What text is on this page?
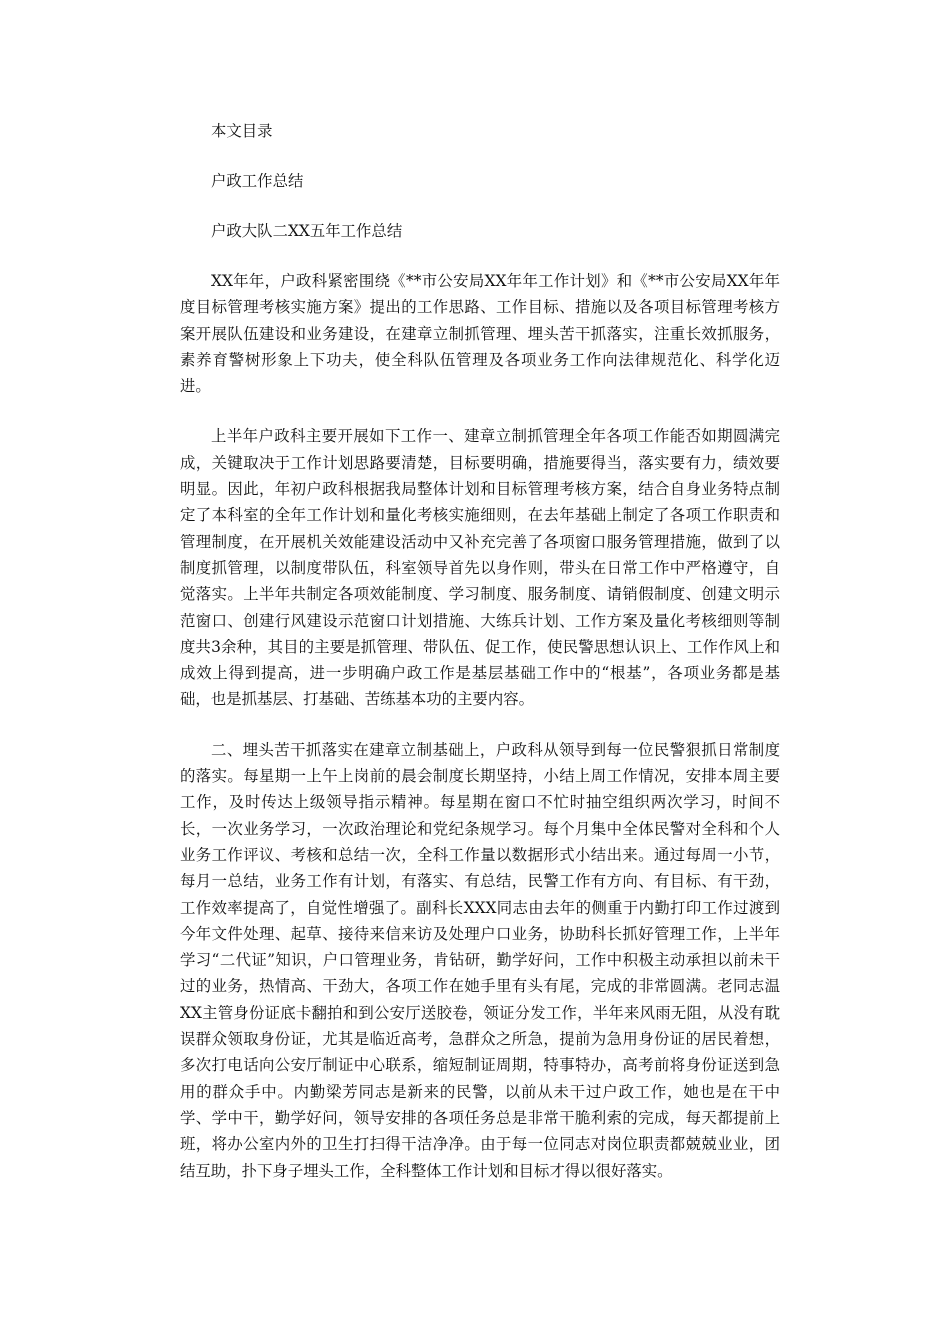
本文目录
户政工作总结
户政大队二XX五年工作总结

XX年年，户政科紧密围绕《**市公安局XX年年工作计划》和《**市公安局XX年年度目标管理考核实施方案》提出的工作思路、工作目标、措施以及各项目标管理考核方案开展队伍建设和业务建设，在建章立制抓管理、埋头苦干抓落实，注重长效抓服务，素养育警树形象上下功夫，使全科队伍管理及各项业务工作向法律规范化、科学化迈进。

上半年户政科主要开展如下工作一、建章立制抓管理全年各项工作能否如期圆满完成，关键取决于工作计划思路要清楚，目标要明确，措施要得当，落实要有力，绩效要明显。因此，年初户政科根据我局整体计划和目标管理考核方案，结合自身业务特点制定了本科室的全年工作计划和量化考核实施细则，在去年基础上制定了各项工作职责和管理制度，在开展机关效能建设活动中又补充完善了各项窗口服务管理措施，做到了以制度抓管理，以制度带队伍，科室领导首先以身作则，带头在日常工作中严格遵守，自觉落实。上半年共制定各项效能制度、学习制度、服务制度、请销假制度、创建文明示范窗口、创建行风建设示范窗口计划措施、大练兵计划、工作方案及量化考核细则等制度共3余种，其目的主要是抓管理、带队伍、促工作，使民警思想认识上、工作作风上和成效上得到提高，进一步明确户政工作是基层基础工作中的“根基”，各项业务都是基础，也是抓基层、打基础、苦练基本功的主要内容。

二、埋头苦干抓落实在建章立制基础上，户政科从领导到每一位民警狠抓日常制度的落实。每星期一上午上岗前的晨会制度长期坚持，小结上周工作情况，安排本周主要工作，及时传达上级领导指示精神。每星期在窗口不忙时抽空组织两次学习，时间不长，一次业务学习，一次政治理论和党纪条规学习。每个月集中全体民警对全科和个人业务工作评议、考核和总结一次，全科工作量以数据形式小结出来。通过每周一小节，每月一总结，业务工作有计划，有落实、有总结，民警工作有方向、有目标、有干劲，工作效率提高了，自觉性增强了。副科长XXX同志由去年的侧重于内勤打印工作过渡到今年文件处理、起草、接待来信来访及处理户口业务，协助科长抓好管理工作，上半年学习“二代证”知识，户口管理业务，肯钻研，勤学好问，工作中积极主动承担以前未干过的业务，热情高、干劲大，各项工作在她手里有头有尾，完成的非常圆满。老同志温XX主管身份证底卡翻拍和到公安厅送胶卷，领证分发工作，半年来风雨无阻，从没有耽误群众领取身份证，尤其是临近高考，急群众之所急，提前为急用身份证的居民着想，多次打电话向公安厅制证中心联系，缩短制证周期，特事特办，高考前将身份证送到急用的群众手中。内勤梁芳同志是新来的民警，以前从未干过户政工作，她也是在干中学、学中干，勤学好问，领导安排的各项任务总是非常干脆利索的完成，每天都提前上班，将办公室内外的卫生打扫得干洁净净。由于每一位同志对岗位职责都兢兢业业，团结互助，扑下身子埋头工作，全科整体工作计划和目标才得以很好落实。
